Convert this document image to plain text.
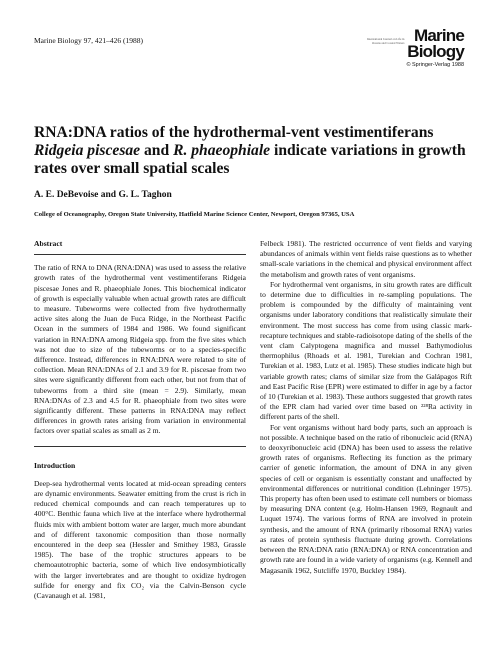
Marine Biology 97, 421–426 (1988)	International Journal on Life in Oceans and Coastal Waters Marine
Biology
© Springer-Verlag 1988
RNA:DNA ratios of the hydrothermal-vent vestimentiferans
Ridgeia piscesae and R. phaeophiale indicate variations in growth rates over small spatial scales
A. E. DeBevoise and G. L. Taghon
College of Oceanography, Oregon State University, Hatfield Marine Science Center, Newport, Oregon 97365, USA
Abstract

The ratio of RNA to DNA (RNA:DNA) was used to assess the relative growth rates of the hydrothermal vent vestimentiferans Ridgeia piscesae Jones and R. phaeophiale Jones. This biochemical indicator of growth is especially valuable when actual growth rates are difficult to measure. Tubeworms were collected from five hydrothermally active sites along the Juan de Fuca Ridge, in the Northeast Pacific Ocean in the summers of 1984 and 1986. We found significant variation in RNA:DNA among Ridgeia spp. from the five sites which was not due to size of the tubeworms or to a species-specific difference. Instead, differences in RNA:DNA were related to site of collection. Mean RNA:DNAs of 2.1 and 3.9 for R. piscesae from two sites were significantly different from each other, but not from that of tubeworms from a third site (mean = 2.9). Similarly, mean RNA:DNAs of 2.3 and 4.5 for R. phaeophiale from two sites were significantly different. These patterns in RNA:DNA may reflect differences in growth rates arising from variation in environmental factors over spatial scales as small as 2 m.

Introduction

Deep-sea hydrothermal vents located at mid-ocean spreading centers are dynamic environments. Seawater emitting from the crust is rich in reduced chemical compounds and can reach temperatures up to 400°C. Benthic fauna which live at the interface where hydrothermal fluids mix with ambient bottom water are larger, much more abundant and of different taxonomic composition than those normally encountered in the deep sea (Hessler and Smithey 1983, Grassle 1985). The base of the trophic structures appears to be chemoautotrophic bacteria, some of which live endosymbiotically with the larger invertebrates and are thought to oxidize hydrogen sulfide for energy and fix CO₂ via the Calvin-Benson cycle (Cavanaugh et al. 1981,

Felbeck 1981). The restricted occurrence of vent fields and varying abundances of animals within vent fields raise questions as to whether small-scale variations in the chemical and physical environment affect the metabolism and growth rates of vent organisms.

For hydrothermal vent organisms, in situ growth rates are difficult to determine due to difficulties in re-sampling populations. The problem is compounded by the difficulty of maintaining vent organisms under laboratory conditions that realistically simulate their environment. The most success has come from using classic mark-recapture techniques and stable-radioisotope dating of the shells of the vent clam Calyptogena magnifica and mussel Bathymodiolus thermophilus (Rhoads et al. 1981, Turekian and Cochran 1981, Turekian et al. 1983, Lutz et al. 1985). These studies indicate high but variable growth rates; clams of similar size from the Galápagos Rift and East Pacific Rise (EPR) were estimated to differ in age by a factor of 10 (Turekian et al. 1983). These authors suggested that growth rates of the EPR clam had varied over time based on ²²⁸Ra activity in different parts of the shell.

For vent organisms without hard body parts, such an approach is not possible. A technique based on the ratio of ribonucleic acid (RNA) to deoxyribonucleic acid (DNA) has been used to assess the relative growth rates of organisms. Reflecting its function as the primary carrier of genetic information, the amount of DNA in any given species of cell or organism is essentially constant and unaffected by environmental differences or nutritional condition (Lehninger 1975). This property has often been used to estimate cell numbers or biomass by measuring DNA content (e.g. Holm-Hansen 1969, Regnault and Luquet 1974). The various forms of RNA are involved in protein synthesis, and the amount of RNA (primarily ribosomal RNA) varies as rates of protein synthesis fluctuate during growth. Correlations between the RNA:DNA ratio (RNA:DNA) or RNA concentration and growth rate are found in a wide variety of organisms (e.g. Kennell and Magasanik 1962, Sutcliffe 1970, Buckley 1984).
